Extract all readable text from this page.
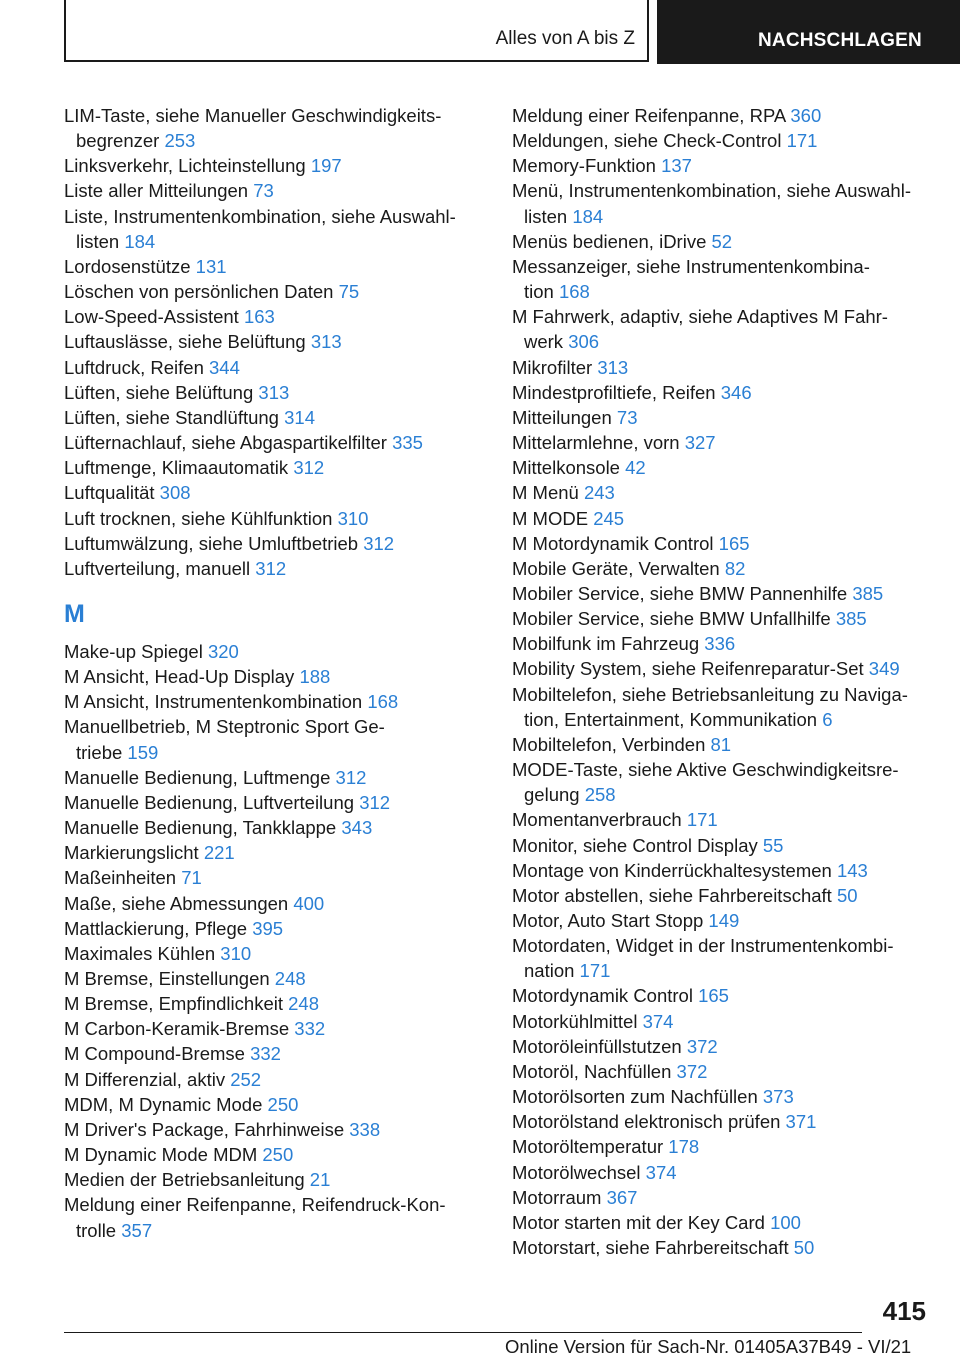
Alles von A bis Z	NACHSCHLAGEN
LIM-Taste, siehe Manueller Geschwindigkeits-
begrenzer 253
Linksverkehr, Lichteinstellung 197
Liste aller Mitteilungen 73
Liste, Instrumentenkombination, siehe Auswahl-
listen 184
Lordosenstütze 131
Löschen von persönlichen Daten 75
Low-Speed-Assistent 163
Luftauslässe, siehe Belüftung 313
Luftdruck, Reifen 344
Lüften, siehe Belüftung 313
Lüften, siehe Standlüftung 314
Lüfternachlauf, siehe Abgaspartikelfilter 335
Luftmenge, Klimaautomatik 312
Luftqualität 308
Luft trocknen, siehe Kühlfunktion 310
Luftumwälzung, siehe Umluftbetrieb 312
Luftverteilung, manuell 312
M
Make-up Spiegel 320
M Ansicht, Head-Up Display 188
M Ansicht, Instrumentenkombination 168
Manuellbetrieb, M Steptronic Sport Ge-
triebe 159
Manuelle Bedienung, Luftmenge 312
Manuelle Bedienung, Luftverteilung 312
Manuelle Bedienung, Tankklappe 343
Markierungslicht 221
Maßeinheiten 71
Maße, siehe Abmessungen 400
Mattlackierung, Pflege 395
Maximales Kühlen 310
M Bremse, Einstellungen 248
M Bremse, Empfindlichkeit 248
M Carbon-Keramik-Bremse 332
M Compound-Bremse 332
M Differenzial, aktiv 252
MDM, M Dynamic Mode 250
M Driver's Package, Fahrhinweise 338
M Dynamic Mode MDM 250
Medien der Betriebsanleitung 21
Meldung einer Reifenpanne, Reifendruck-Kon-
trolle 357
Meldung einer Reifenpanne, RPA 360
Meldungen, siehe Check-Control 171
Memory-Funktion 137
Menü, Instrumentenkombination, siehe Auswahl-
listen 184
Menüs bedienen, iDrive 52
Messanzeiger, siehe Instrumentenkombina-
tion 168
M Fahrwerk, adaptiv, siehe Adaptives M Fahr-
werk 306
Mikrofilter 313
Mindestprofiltiefe, Reifen 346
Mitteilungen 73
Mittelarmlehne, vorn 327
Mittelkonsole 42
M Menü 243
M MODE 245
M Motordynamik Control 165
Mobile Geräte, Verwalten 82
Mobiler Service, siehe BMW Pannenhilfe 385
Mobiler Service, siehe BMW Unfallhilfe 385
Mobilfunk im Fahrzeug 336
Mobility System, siehe Reifenreparatur-Set 349
Mobiltelefon, siehe Betriebsanleitung zu Naviga-
tion, Entertainment, Kommunikation 6
Mobiltelefon, Verbinden 81
MODE-Taste, siehe Aktive Geschwindigkeitsre-
gelung 258
Momentanverbrauch 171
Monitor, siehe Control Display 55
Montage von Kinderrückhaltesystemen 143
Motor abstellen, siehe Fahrbereitschaft 50
Motor, Auto Start Stopp 149
Motordaten, Widget in der Instrumentenkombi-
nation 171
Motordynamik Control 165
Motorkühlmittel 374
Motoröleinfüllstutzen 372
Motoröl, Nachfüllen 372
Motorölsorten zum Nachfüllen 373
Motorölstand elektronisch prüfen 371
Motoröltemperatur 178
Motorölwechsel 374
Motorraum 367
Motor starten mit der Key Card 100
Motorstart, siehe Fahrbereitschaft 50
415
Online Version für Sach-Nr. 01405A37B49 - VI/21
